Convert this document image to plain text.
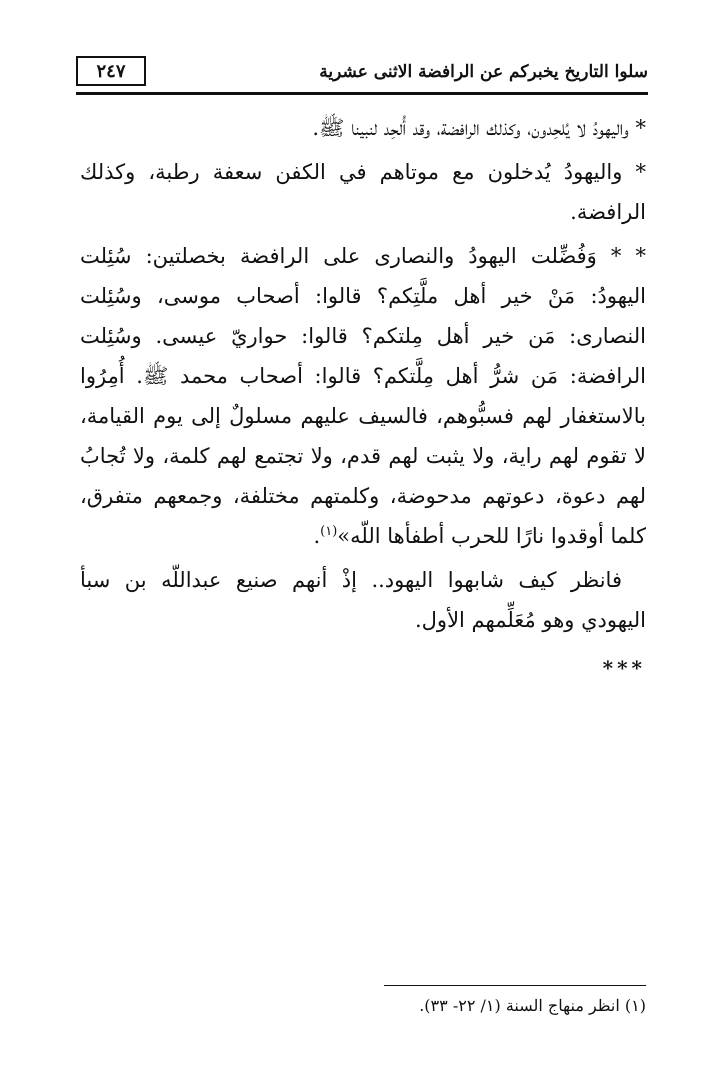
سلوا التاريخ يخبركم عن الرافضة الاثنى عشرية
٢٤٧

* واليهودُ لا يُلحِدون، وكذلك الرافضة، وقد أُلحِد لنبينا ﷺ.

* واليهودُ يُدخلون مع موتاهم في الكفن سعفة رطبة، وكذلك الرافضة.

* * وَفُضِّلت اليهودُ والنصارى على الرافضة بخصلتين: سُئِلت اليهودُ: مَنْ خير أهل ملَّتِكم؟ قالوا: أصحاب موسى، وسُئِلت النصارى: مَن خير أهل مِلتكم؟ قالوا: حواريّ عيسى. وسُئِلت الرافضة: مَن شرُّ أهل مِلَّتكم؟ قالوا: أصحاب محمد ﷺ. أُمِرُوا بالاستغفار لهم فسبُّوهم، فالسيف عليهم مسلولٌ إلى يوم القيامة، لا تقوم لهم راية، ولا يثبت لهم قدم، ولا تجتمع لهم كلمة، ولا تُجابُ لهم دعوة، دعوتهم مدحوضة، وكلمتهم مختلفة، وجمعهم متفرق، كلما أوقدوا نارًا للحرب أطفأها اللّه»$^{(١)}$.

فانظر كيف شابهوا اليهود.. إذْ أنهم صنيع عبداللّه بن سبأ اليهودي وهو مُعَلِّمهم الأول.

***

(١) انظر منهاج السنة (١/ ٢٢- ٣٣).
